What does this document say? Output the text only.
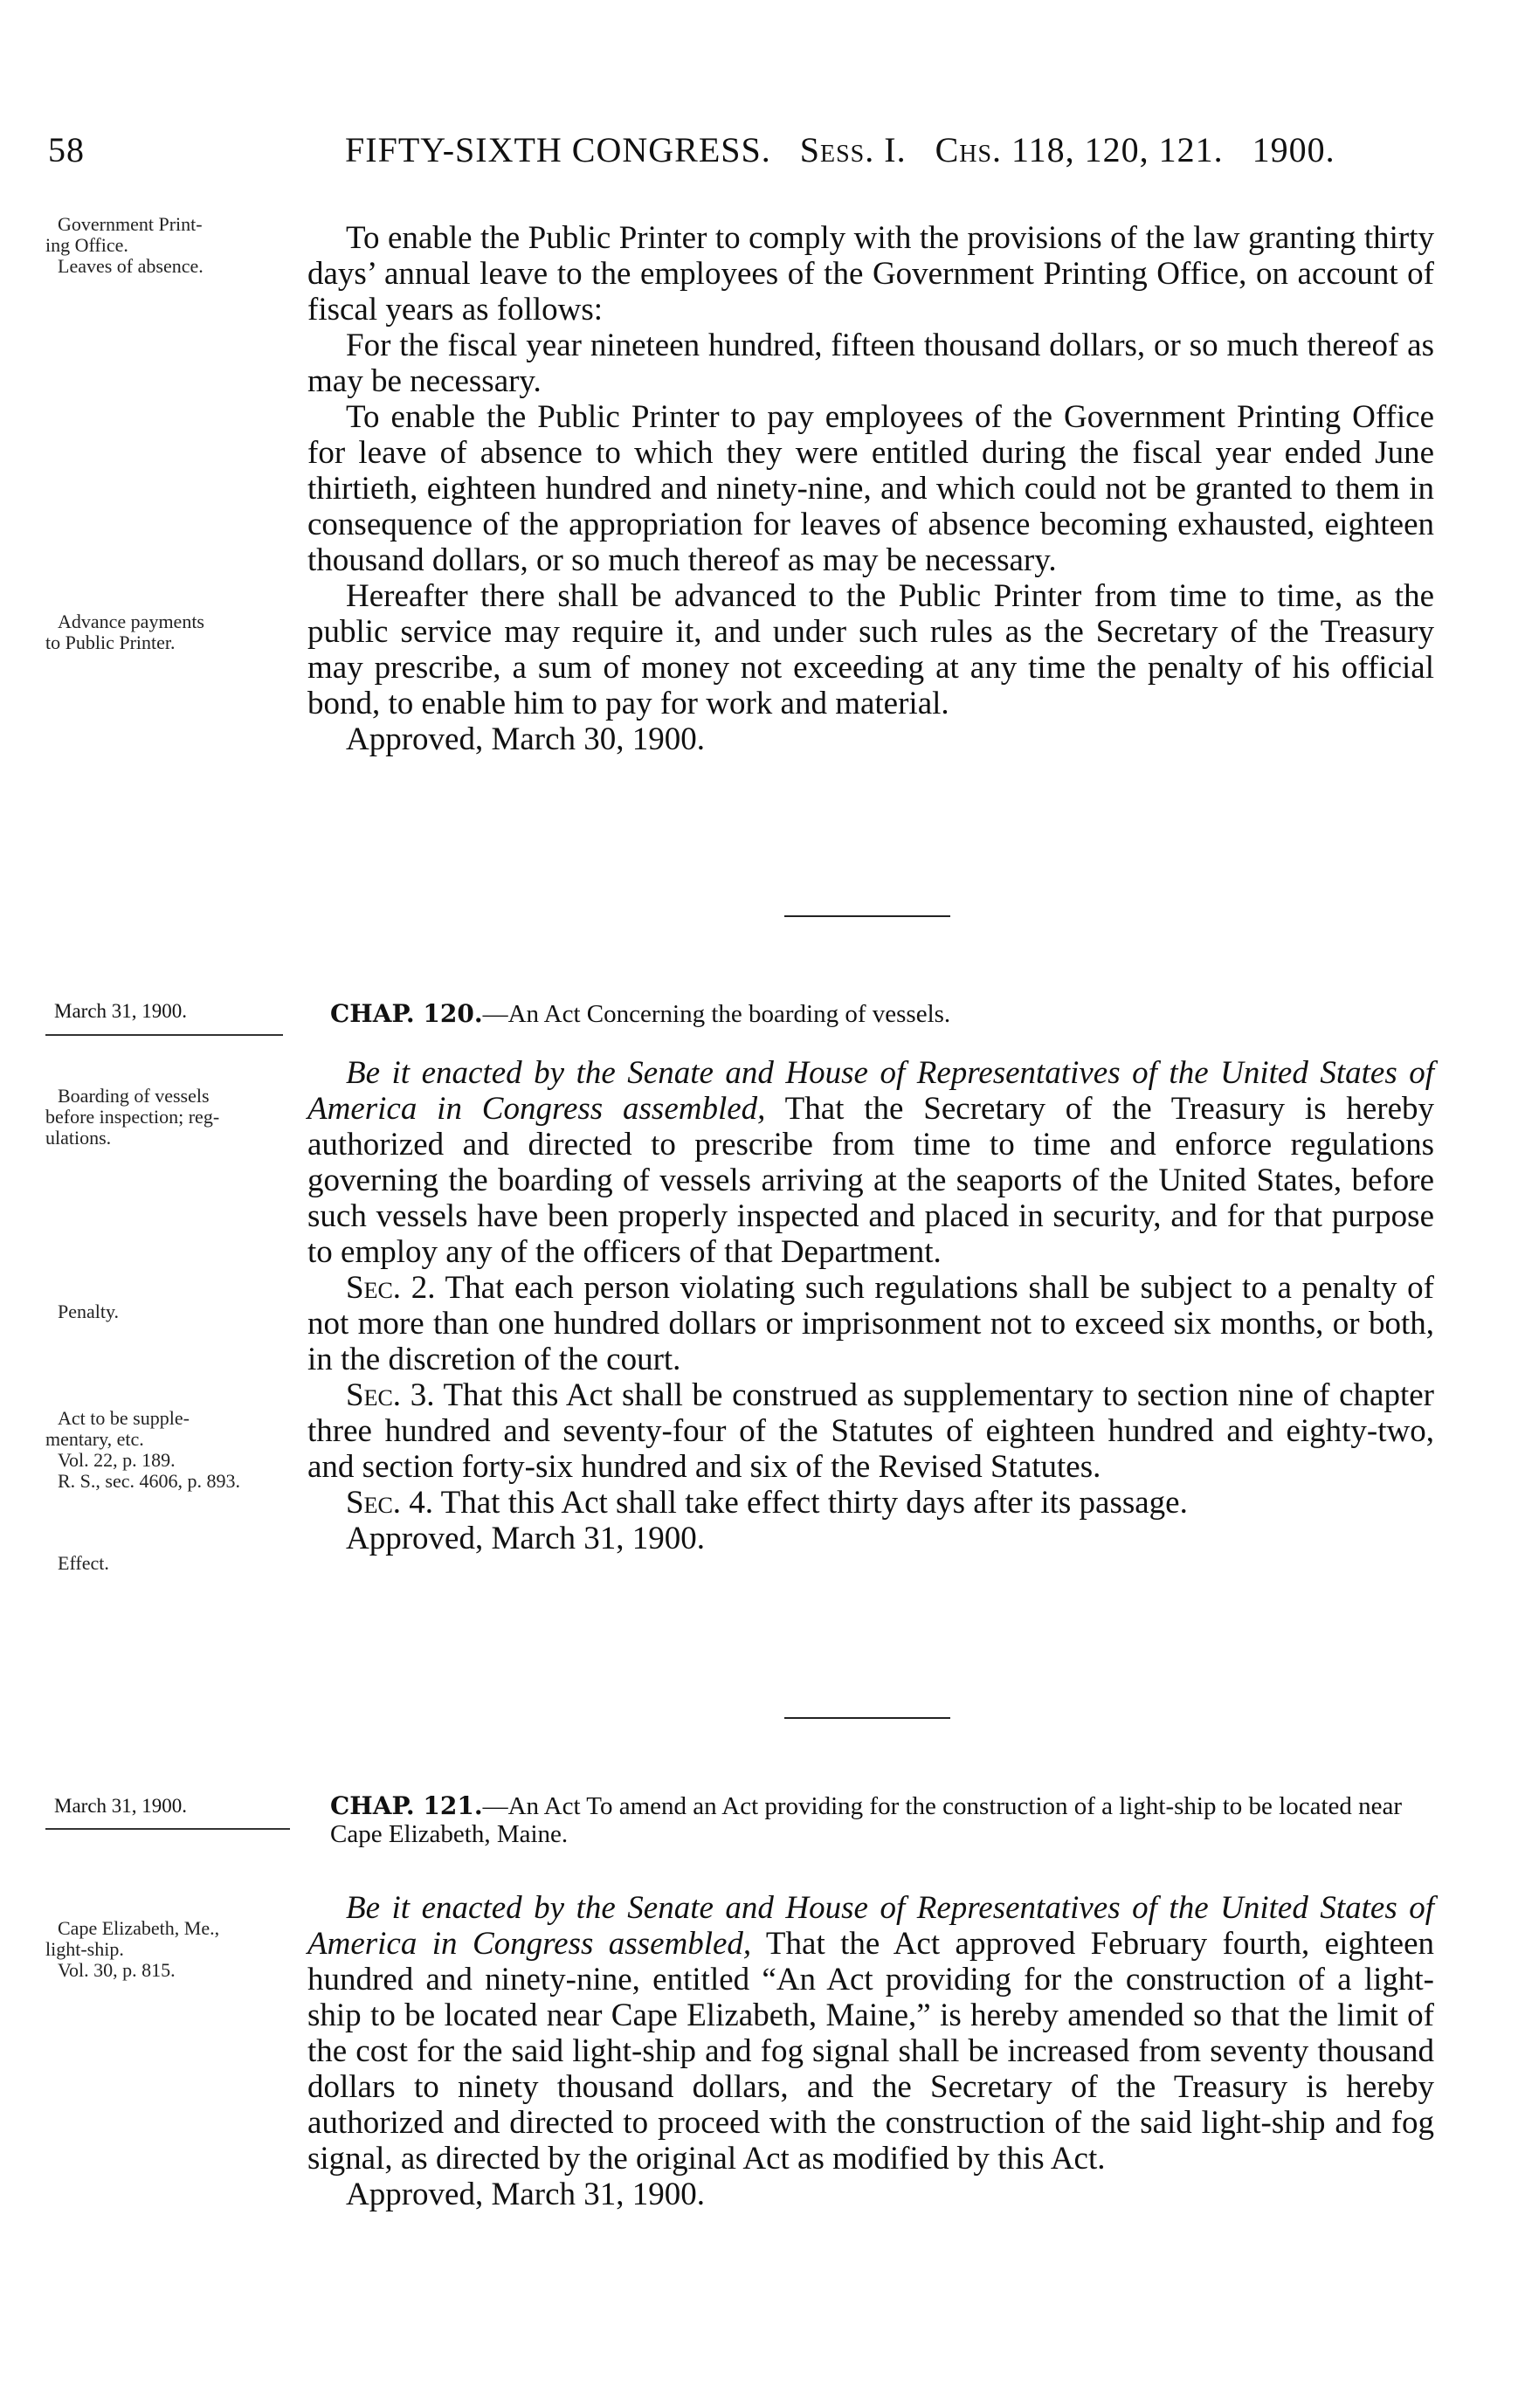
58	FIFTY-SIXTH CONGRESS. Sess. I. Chs. 118, 120, 121. 1900.
Government Print-
ing Office.
Leaves of absence.
Advance payments
to Public Printer.

To enable the Public Printer to comply with the provisions of the law granting thirty days’ annual leave to the employees of the Government Printing Office, on account of fiscal years as follows:

For the fiscal year nineteen hundred, fifteen thousand dollars, or so much thereof as may be necessary.

To enable the Public Printer to pay employees of the Government Printing Office for leave of absence to which they were entitled during the fiscal year ended June thirtieth, eighteen hundred and ninety-nine, and which could not be granted to them in consequence of the appropriation for leaves of absence becoming exhausted, eighteen thousand dollars, or so much thereof as may be necessary.

Hereafter there shall be advanced to the Public Printer from time to time, as the public service may require it, and under such rules as the Secretary of the Treasury may prescribe, a sum of money not exceeding at any time the penalty of his official bond, to enable him to pay for work and material.

Approved, March 30, 1900.

March 31, 1900.	CHAP. 120.—An Act Concerning the boarding of vessels.
Boarding of vessels
before inspection; reg-
ulations.
Penalty.
Act to be supple-
mentary, etc.
Vol. 22, p. 189.
R. S., sec. 4606, p. 893.
Effect.

Be it enacted by the Senate and House of Representatives of the United States of America in Congress assembled, That the Secretary of the Treasury is hereby authorized and directed to prescribe from time to time and enforce regulations governing the boarding of vessels arriving at the seaports of the United States, before such vessels have been properly inspected and placed in security, and for that purpose to employ any of the officers of that Department.

Sec. 2. That each person violating such regulations shall be subject to a penalty of not more than one hundred dollars or imprisonment not to exceed six months, or both, in the discretion of the court.

Sec. 3. That this Act shall be construed as supplementary to section nine of chapter three hundred and seventy-four of the Statutes of eighteen hundred and eighty-two, and section forty-six hundred and six of the Revised Statutes.

Sec. 4. That this Act shall take effect thirty days after its passage.

Approved, March 31, 1900.

March 31, 1900.	CHAP. 121.—An Act To amend an Act providing for the construction of a light-ship to be located near Cape Elizabeth, Maine.
Cape Elizabeth, Me.,
light-ship.
Vol. 30, p. 815.

Be it enacted by the Senate and House of Representatives of the United States of America in Congress assembled, That the Act approved February fourth, eighteen hundred and ninety-nine, entitled “An Act providing for the construction of a light-ship to be located near Cape Elizabeth, Maine,” is hereby amended so that the limit of the cost for the said light-ship and fog signal shall be increased from seventy thousand dollars to ninety thousand dollars, and the Secretary of the Treasury is hereby authorized and directed to proceed with the construction of the said light-ship and fog signal, as directed by the original Act as modified by this Act.

Approved, March 31, 1900.
